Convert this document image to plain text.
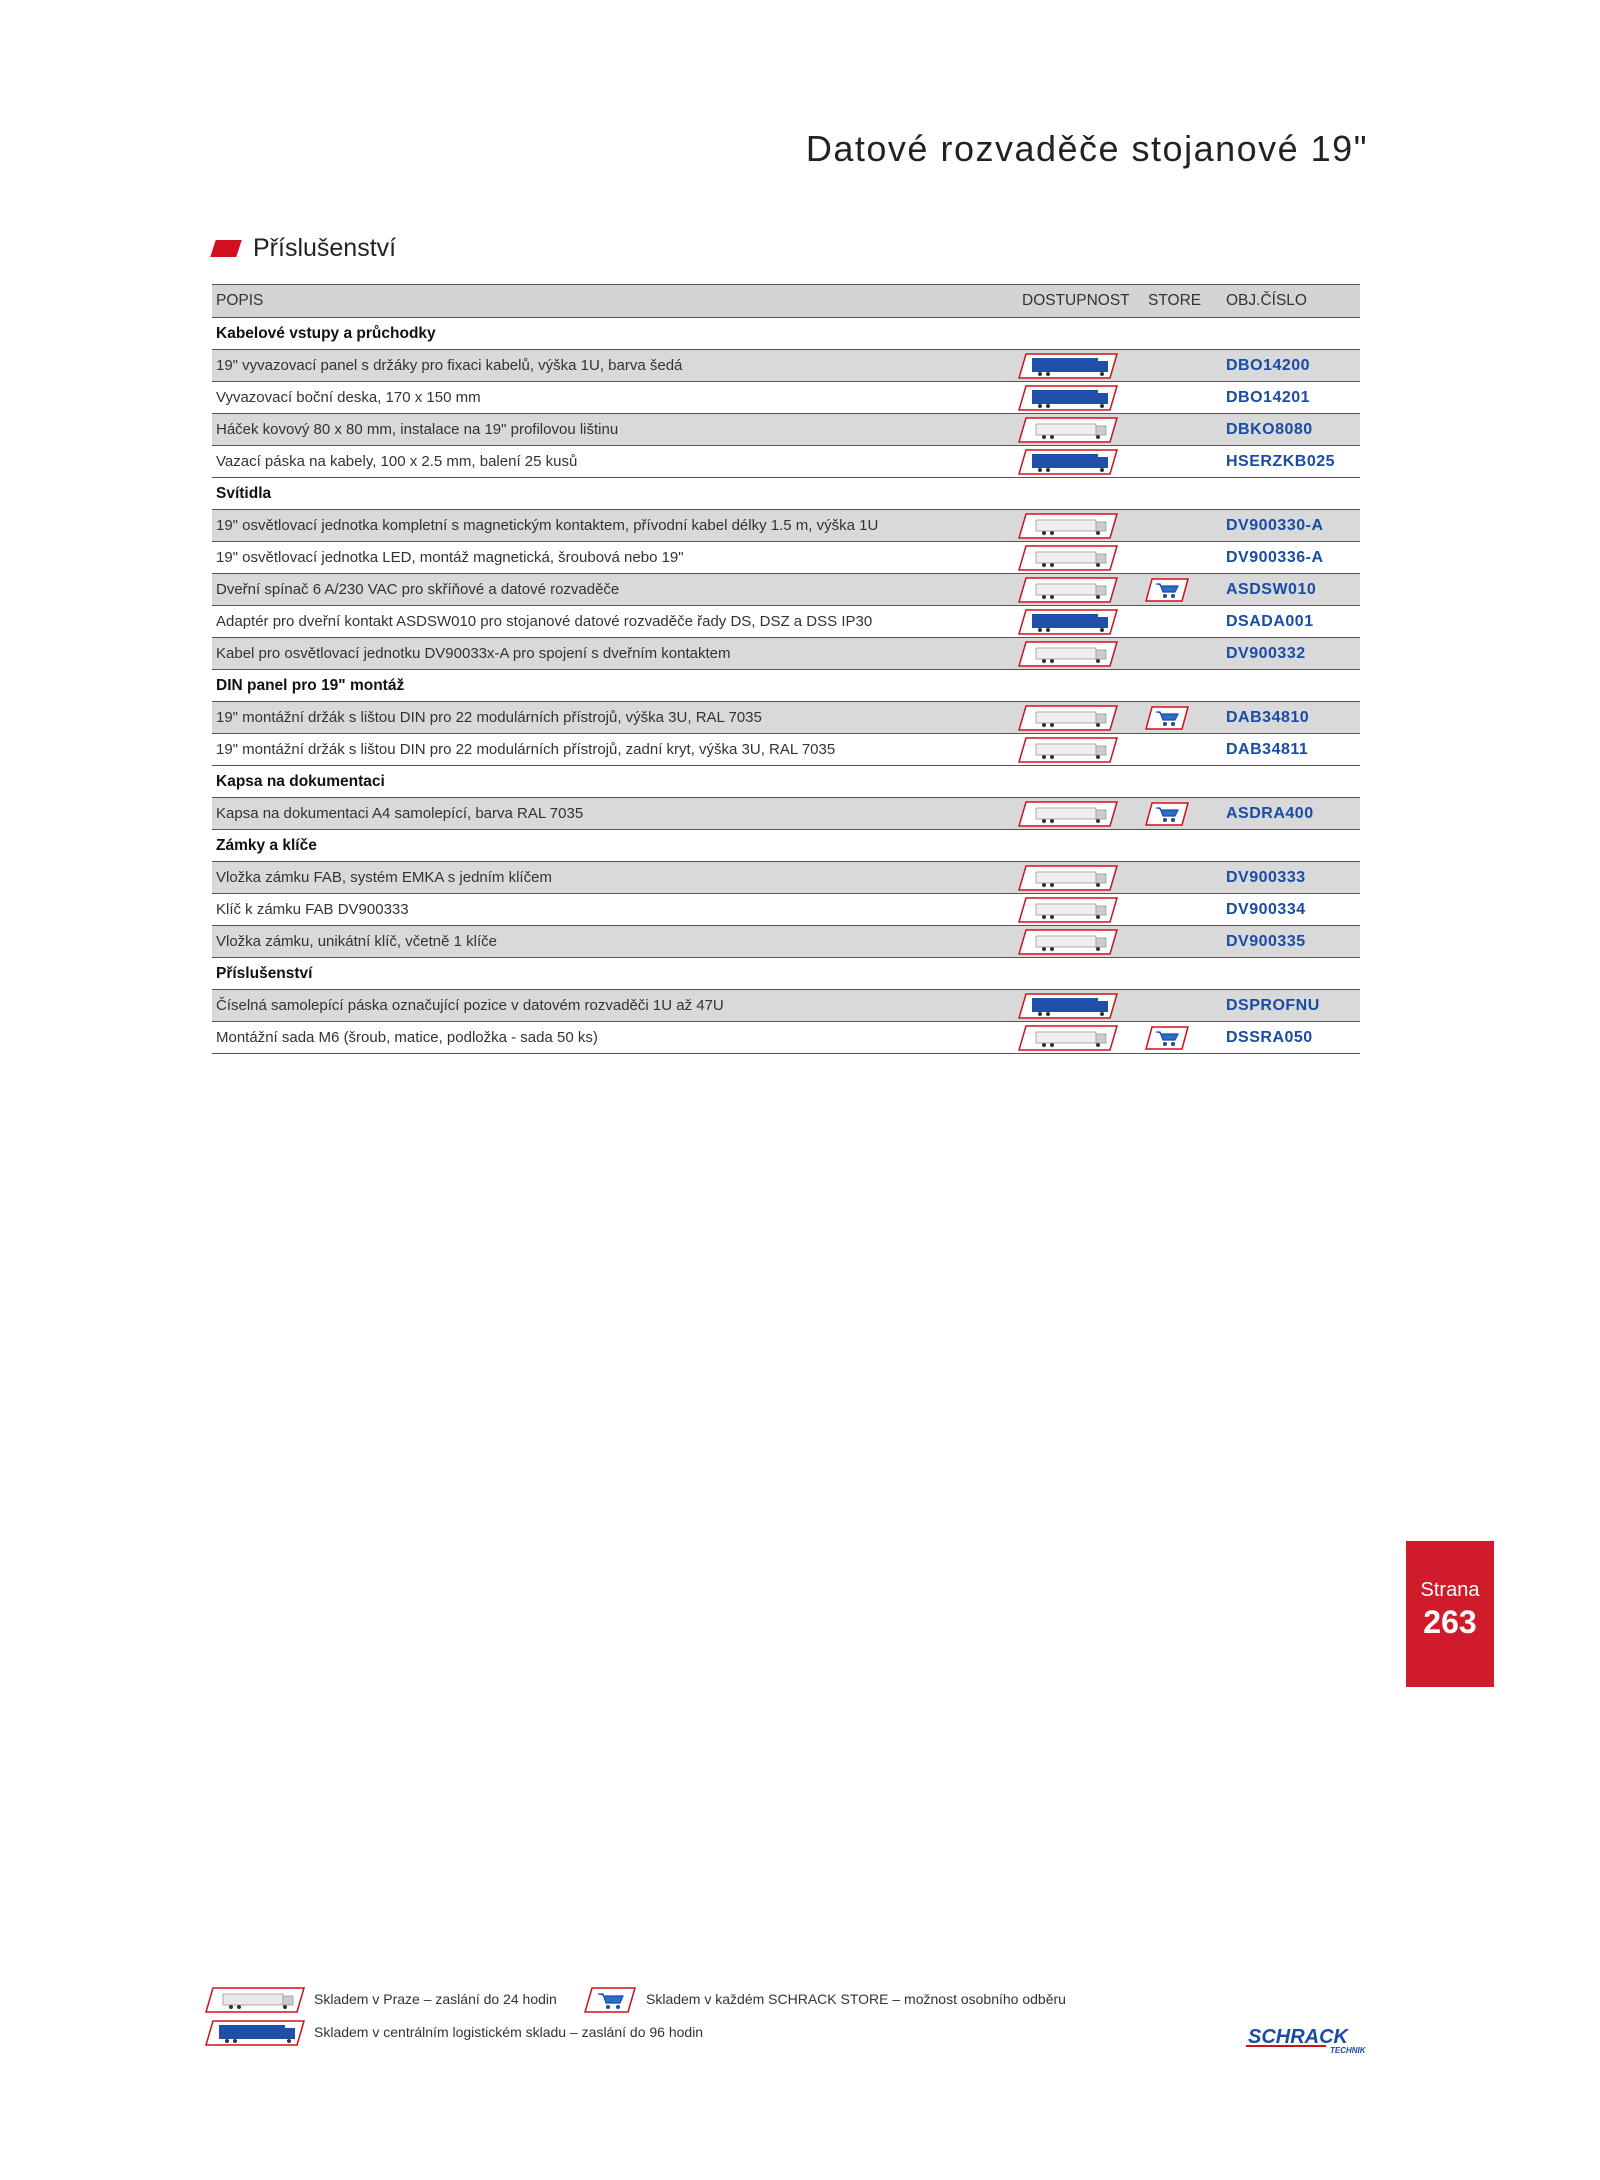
Datové rozvaděče stojanové 19"
Příslušenství
POPIS	DOSTUPNOST STORE OBJ.ČÍSLO
Kabelové vstupy a průchodky
19" vyvazovací panel s držáky pro fixaci kabelů, výška 1U, barva šedá	DBO14200
Vyvazovací boční deska, 170 x 150 mm	DBO14201
Háček kovový 80 x 80 mm, instalace na 19" profilovou lištinu	DBKO8080
Vazací páska na kabely, 100 x 2.5 mm, balení 25 kusů	HSERZKB025
Svítidla
19" osvětlovací jednotka kompletní s magnetickým kontaktem, přívodní kabel délky 1.5 m, výška 1U	DV900330-A
19" osvětlovací jednotka LED, montáž magnetická, šroubová nebo 19"	DV900336-A
Dveřní spínač 6 A/230 VAC pro skříňové a datové rozvaděče	ASDSW010
Adaptér pro dveřní kontakt ASDSW010 pro stojanové datové rozvaděče řady DS, DSZ a DSS IP30	DSADA001
Kabel pro osvětlovací jednotku DV90033x-A pro spojení s dveřním kontaktem	DV900332
DIN panel pro 19" montáž
19" montážní držák s lištou DIN pro 22 modulárních přístrojů, výška 3U, RAL 7035	DAB34810
19" montážní držák s lištou DIN pro 22 modulárních přístrojů, zadní kryt, výška 3U, RAL 7035	DAB34811
Kapsa na dokumentaci
Kapsa na dokumentaci A4 samolepící, barva RAL 7035	ASDRA400
Zámky a klíče
Vložka zámku FAB, systém EMKA s jedním klíčem	DV900333
Klíč k zámku FAB DV900333	DV900334
Vložka zámku, unikátní klíč, včetně 1 klíče	DV900335
Příslušenství
Číselná samolepící páska označující pozice v datovém rozvaděči 1U až 47U	DSPROFNU
Montážní sada M6 (šroub, matice, podložka - sada 50 ks)	DSSRA050
Strana
263
Skladem v Praze – zaslání do 24 hodin	Skladem v každém SCHRACK STORE – možnost osobního odběru
Skladem v centrálním logistickém skladu – zaslání do 96 hodin	SCHRACK
TECHNIK
